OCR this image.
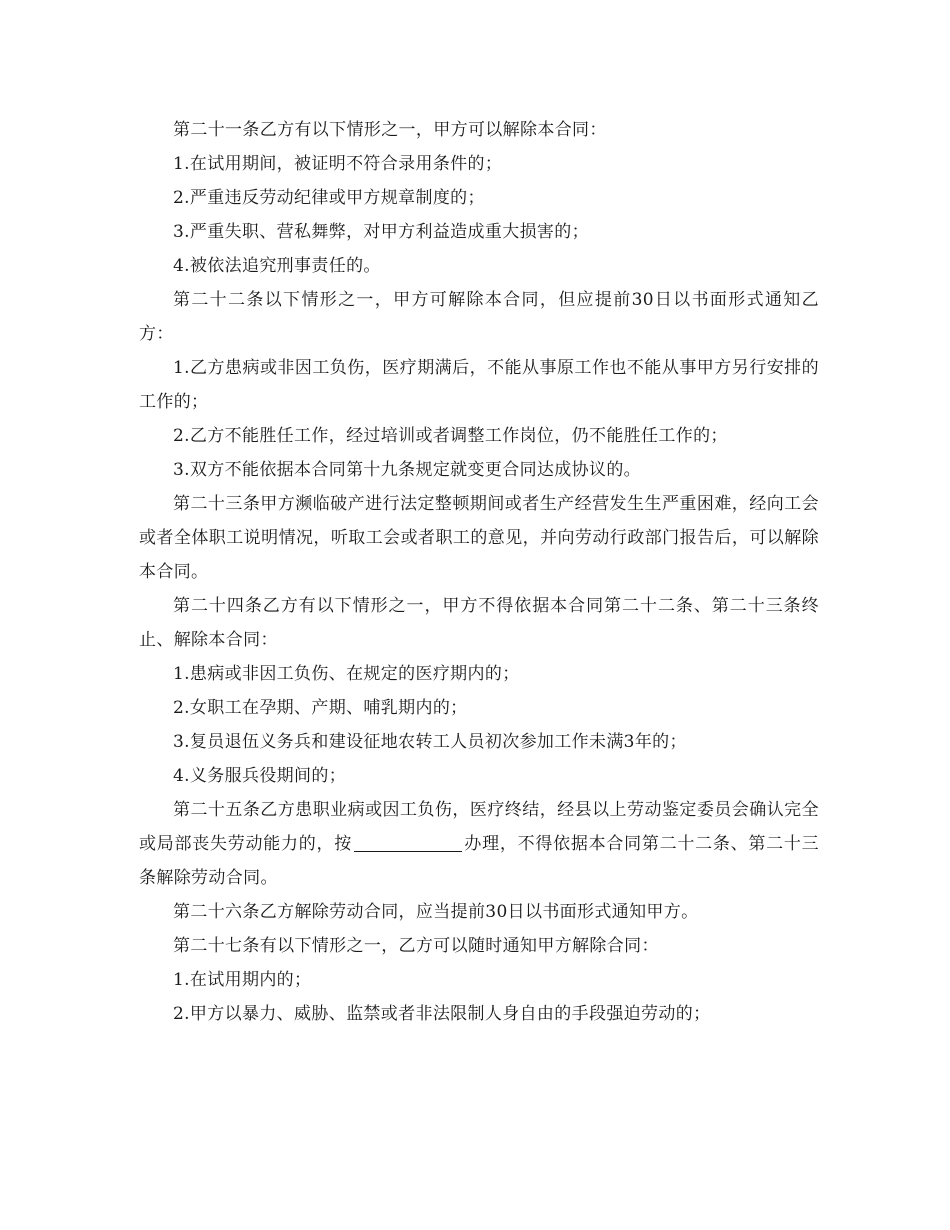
第二十一条乙方有以下情形之一，甲方可以解除本合同：

1.在试用期间，被证明不符合录用条件的；

2.严重违反劳动纪律或甲方规章制度的；

3.严重失职、营私舞弊，对甲方利益造成重大损害的；

4.被依法追究刑事责任的。

第二十二条以下情形之一，甲方可解除本合同，但应提前30日以书面形式通知乙方：

1.乙方患病或非因工负伤，医疗期满后，不能从事原工作也不能从事甲方另行安排的工作的；

2.乙方不能胜任工作，经过培训或者调整工作岗位，仍不能胜任工作的；

3.双方不能依据本合同第十九条规定就变更合同达成协议的。

第二十三条甲方濒临破产进行法定整顿期间或者生产经营发生生严重困难，经向工会或者全体职工说明情况，听取工会或者职工的意见，并向劳动行政部门报告后，可以解除本合同。

第二十四条乙方有以下情形之一，甲方不得依据本合同第二十二条、第二十三条终止、解除本合同：

1.患病或非因工负伤、在规定的医疗期内的；

2.女职工在孕期、产期、哺乳期内的；

3.复员退伍义务兵和建设征地农转工人员初次参加工作未满3年的；

4.义务服兵役期间的；

第二十五条乙方患职业病或因工负伤，医疗终结，经县以上劳动鉴定委员会确认完全或局部丧失劳动能力的，按	办理，不得依据本合同第二十二条、第二十三条解除劳动合同。

第二十六条乙方解除劳动合同，应当提前30日以书面形式通知甲方。

第二十七条有以下情形之一，乙方可以随时通知甲方解除合同：

1.在试用期内的；

2.甲方以暴力、威胁、监禁或者非法限制人身自由的手段强迫劳动的；
